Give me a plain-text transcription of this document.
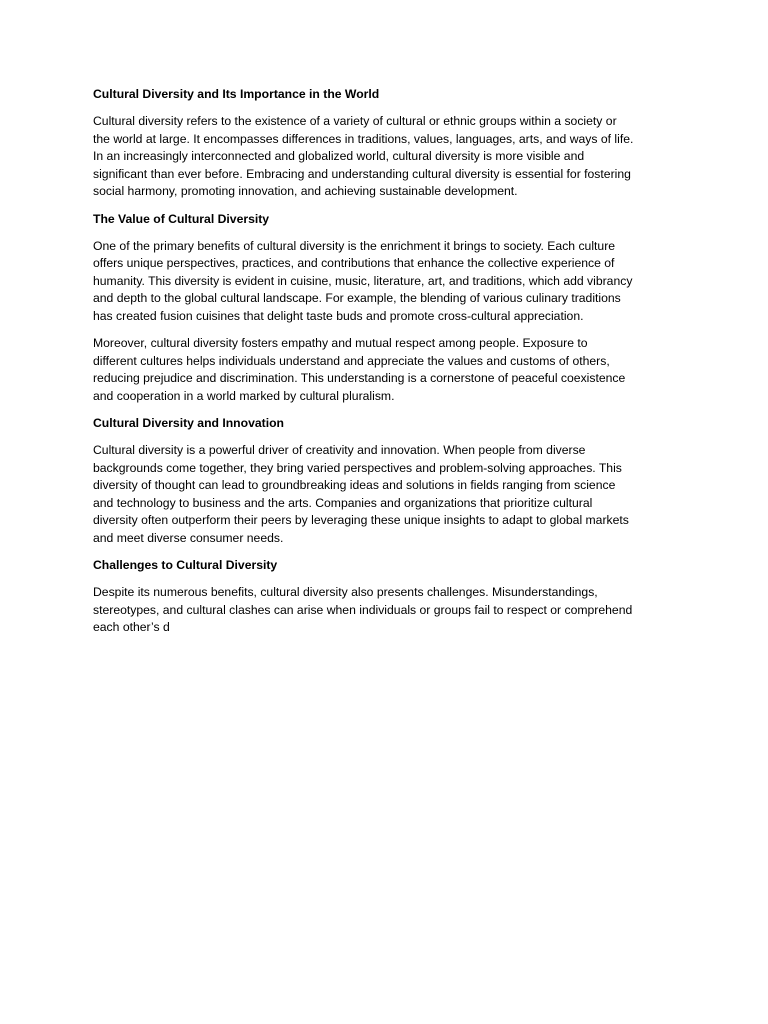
Cultural Diversity and Its Importance in the World
Cultural diversity refers to the existence of a variety of cultural or ethnic groups within a society or
the world at large. It encompasses differences in traditions, values, languages, arts, and ways of life.
In an increasingly interconnected and globalized world, cultural diversity is more visible and
significant than ever before. Embracing and understanding cultural diversity is essential for fostering
social harmony, promoting innovation, and achieving sustainable development.
The Value of Cultural Diversity
One of the primary benefits of cultural diversity is the enrichment it brings to society. Each culture
offers unique perspectives, practices, and contributions that enhance the collective experience of
humanity. This diversity is evident in cuisine, music, literature, art, and traditions, which add vibrancy
and depth to the global cultural landscape. For example, the blending of various culinary traditions
has created fusion cuisines that delight taste buds and promote cross-cultural appreciation.
Moreover, cultural diversity fosters empathy and mutual respect among people. Exposure to
different cultures helps individuals understand and appreciate the values and customs of others,
reducing prejudice and discrimination. This understanding is a cornerstone of peaceful coexistence
and cooperation in a world marked by cultural pluralism.
Cultural Diversity and Innovation
Cultural diversity is a powerful driver of creativity and innovation. When people from diverse
backgrounds come together, they bring varied perspectives and problem-solving approaches. This
diversity of thought can lead to groundbreaking ideas and solutions in fields ranging from science
and technology to business and the arts. Companies and organizations that prioritize cultural
diversity often outperform their peers by leveraging these unique insights to adapt to global markets
and meet diverse consumer needs.
Challenges to Cultural Diversity
Despite its numerous benefits, cultural diversity also presents challenges. Misunderstandings,
stereotypes, and cultural clashes can arise when individuals or groups fail to respect or comprehend
each other’s d
